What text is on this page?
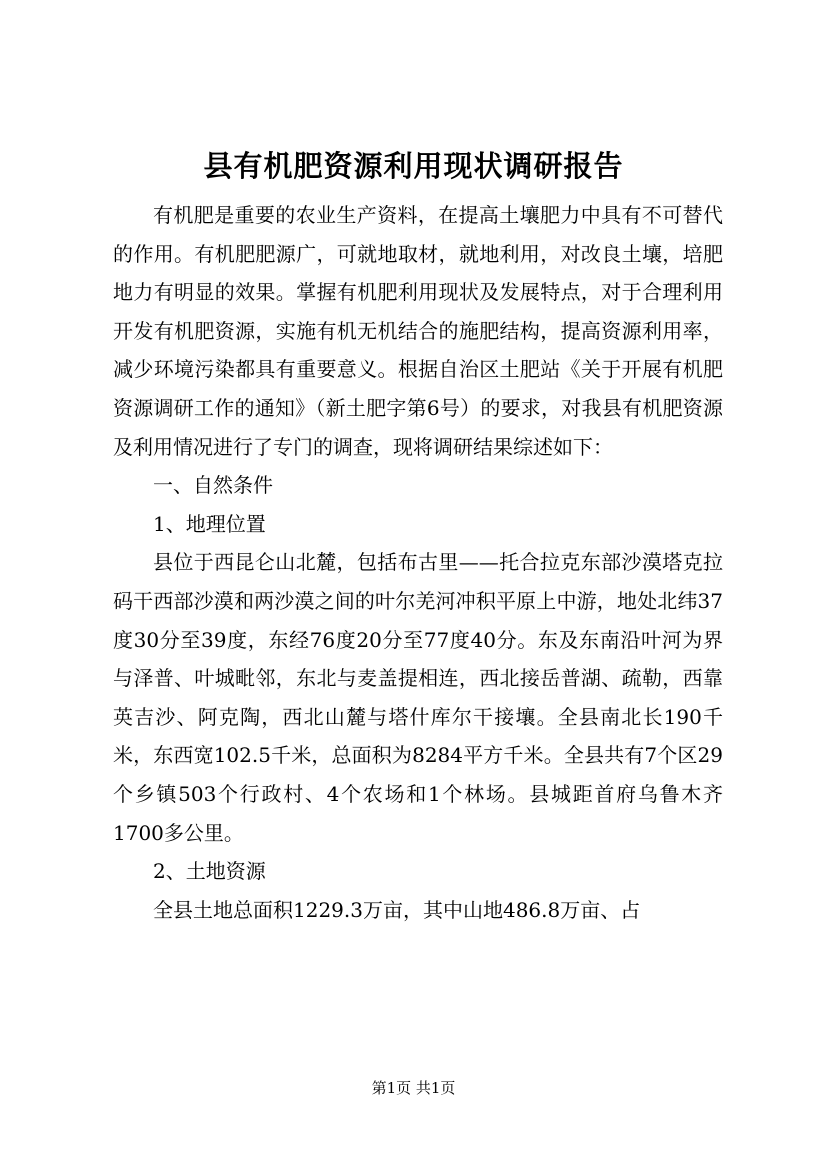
县有机肥资源利用现状调研报告

有机肥是重要的农业生产资料，在提高土壤肥力中具有不可替代的作用。有机肥肥源广，可就地取材，就地利用，对改良土壤，培肥地力有明显的效果。掌握有机肥利用现状及发展特点，对于合理利用开发有机肥资源，实施有机无机结合的施肥结构，提高资源利用率，减少环境污染都具有重要意义。根据自治区土肥站《关于开展有机肥资源调研工作的通知》（新土肥字第6号）的要求，对我县有机肥资源及利用情况进行了专门的调查，现将调研结果综述如下：

一、自然条件

1、地理位置

县位于西昆仑山北麓，包括布古里——托合拉克东部沙漠塔克拉码干西部沙漠和两沙漠之间的叶尔羌河冲积平原上中游，地处北纬37度30分至39度，东经76度20分至77度40分。东及东南沿叶河为界与泽普、叶城毗邻，东北与麦盖提相连，西北接岳普湖、疏勒，西靠英吉沙、阿克陶，西北山麓与塔什库尔干接壤。全县南北长190千米，东西宽102.5千米，总面积为8284平方千米。全县共有7个区29个乡镇503个行政村、4个农场和1个林场。县城距首府乌鲁木齐1700多公里。

2、土地资源

全县土地总面积1229.3万亩，其中山地486.8万亩、占

第1页 共1页
